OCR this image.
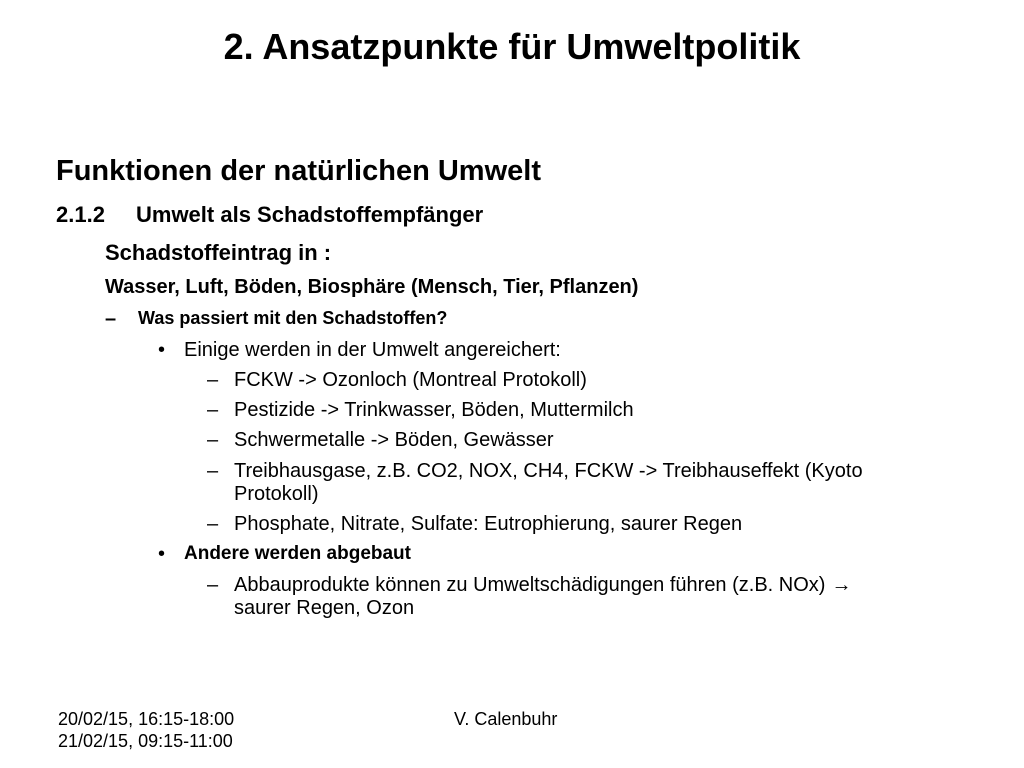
2. Ansatzpunkte für Umweltpolitik
Funktionen der natürlichen Umwelt
2.1.2 Umwelt als Schadstoffempfänger
Schadstoffeintrag in :
Wasser, Luft, Böden, Biosphäre (Mensch, Tier, Pflanzen)
– Was passiert mit den Schadstoffen?
• Einige werden in der Umwelt angereichert:
– FCKW -> Ozonloch (Montreal Protokoll)
– Pestizide -> Trinkwasser, Böden, Muttermilch
– Schwermetalle -> Böden, Gewässer
– Treibhausgase, z.B. CO2, NOX, CH4, FCKW -> Treibhauseffekt (Kyoto
Protokoll)
– Phosphate, Nitrate, Sulfate: Eutrophierung, saurer Regen
• Andere werden abgebaut
– Abbauprodukte können zu Umweltschädigungen führen (z.B. NOx) →
saurer Regen, Ozon
20/02/15, 16:15-18:00
21/02/15, 09:15-11:00
V. Calenbuhr
